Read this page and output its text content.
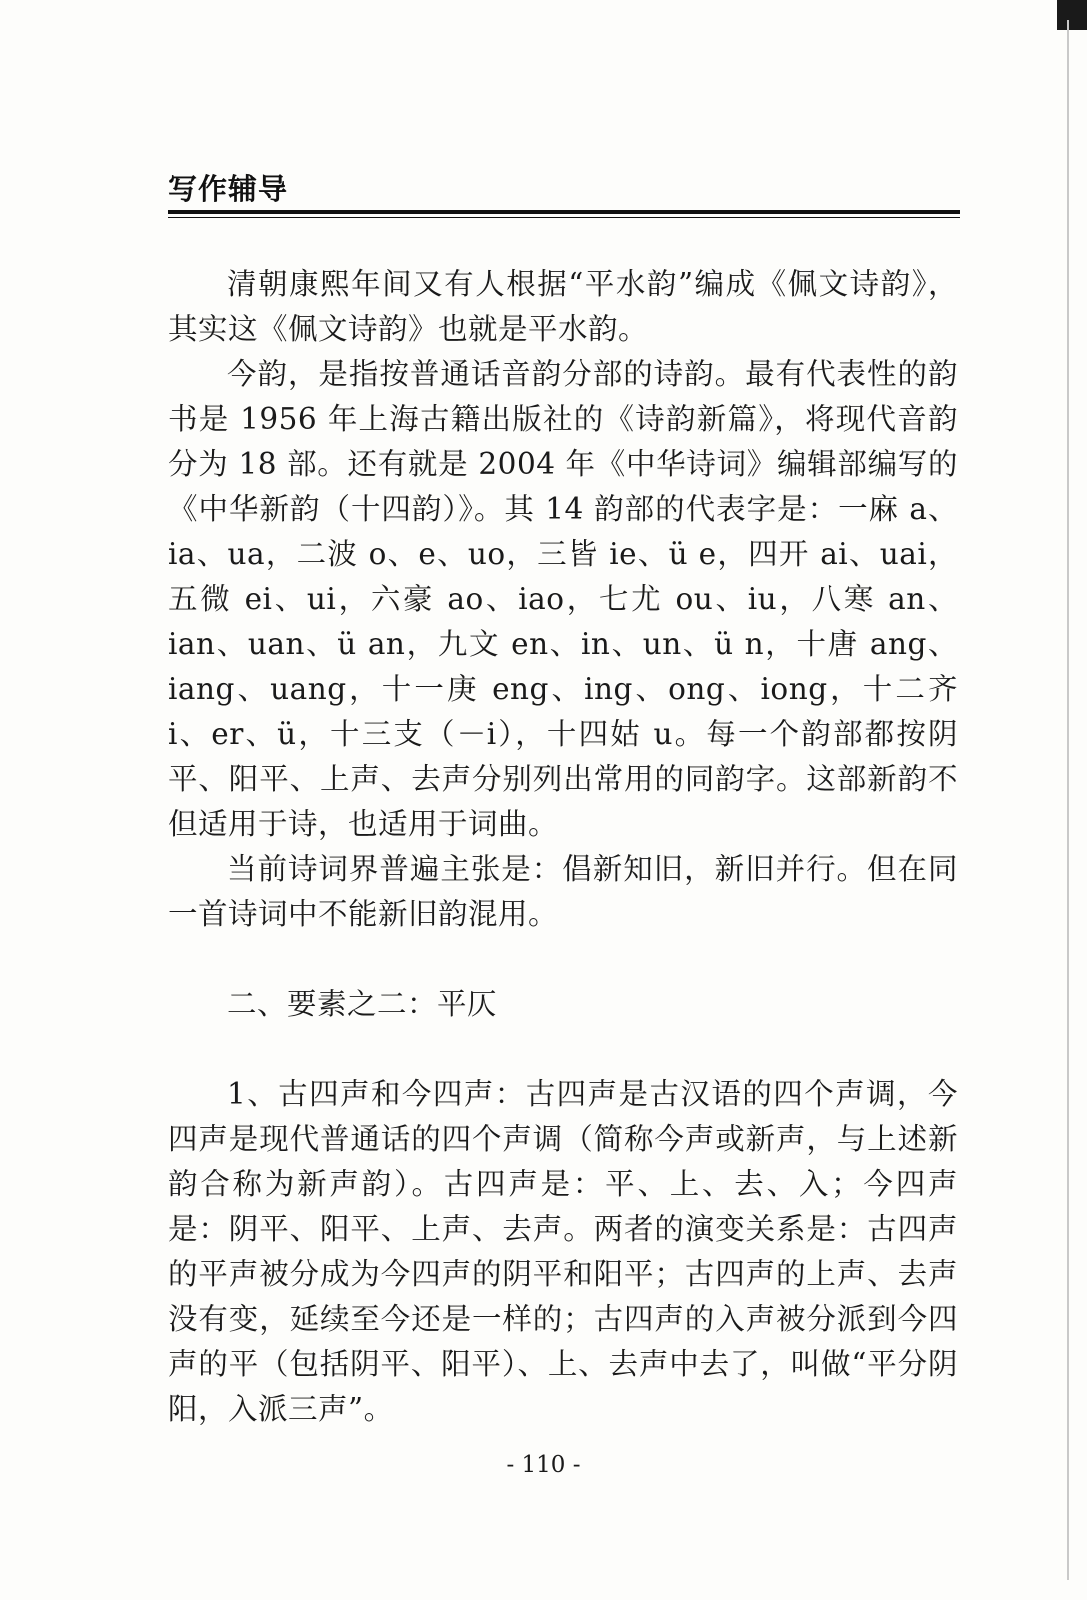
写作辅导

清朝康熙年间又有人根据“平水韵”编成《佩文诗韵》，其实这《佩文诗韵》也就是平水韵。

今韵，是指按普通话音韵分部的诗韵。最有代表性的韵书是 1956 年上海古籍出版社的《诗韵新篇》，将现代音韵分为 18 部。还有就是 2004 年《中华诗词》编辑部编写的《中华新韵（十四韵）》。其 14 韵部的代表字是：一麻 a、ia、ua，二波 o、e、uo，三皆 ie、ü e，四开 ai、uai，五微 ei、ui，六豪 ao、iao，七尤 ou、iu，八寒 an、ian、uan、ü an，九文 en、in、un、ü n，十唐 ang、iang、uang，十一庚 eng、ing、ong、iong，十二齐 i、er、ü，十三支（－i），十四姑 u。每一个韵部都按阴平、阳平、上声、去声分别列出常用的同韵字。这部新韵不但适用于诗，也适用于词曲。

当前诗词界普遍主张是：倡新知旧，新旧并行。但在同一首诗词中不能新旧韵混用。

二、要素之二：平仄

1、古四声和今四声：古四声是古汉语的四个声调，今四声是现代普通话的四个声调（简称今声或新声，与上述新韵合称为新声韵）。古四声是：平、上、去、入；今四声是：阴平、阳平、上声、去声。两者的演变关系是：古四声的平声被分成为今四声的阴平和阳平；古四声的上声、去声没有变，延续至今还是一样的；古四声的入声被分派到今四声的平（包括阴平、阳平）、上、去声中去了，叫做“平分阴阳，入派三声”。

- 110 -
